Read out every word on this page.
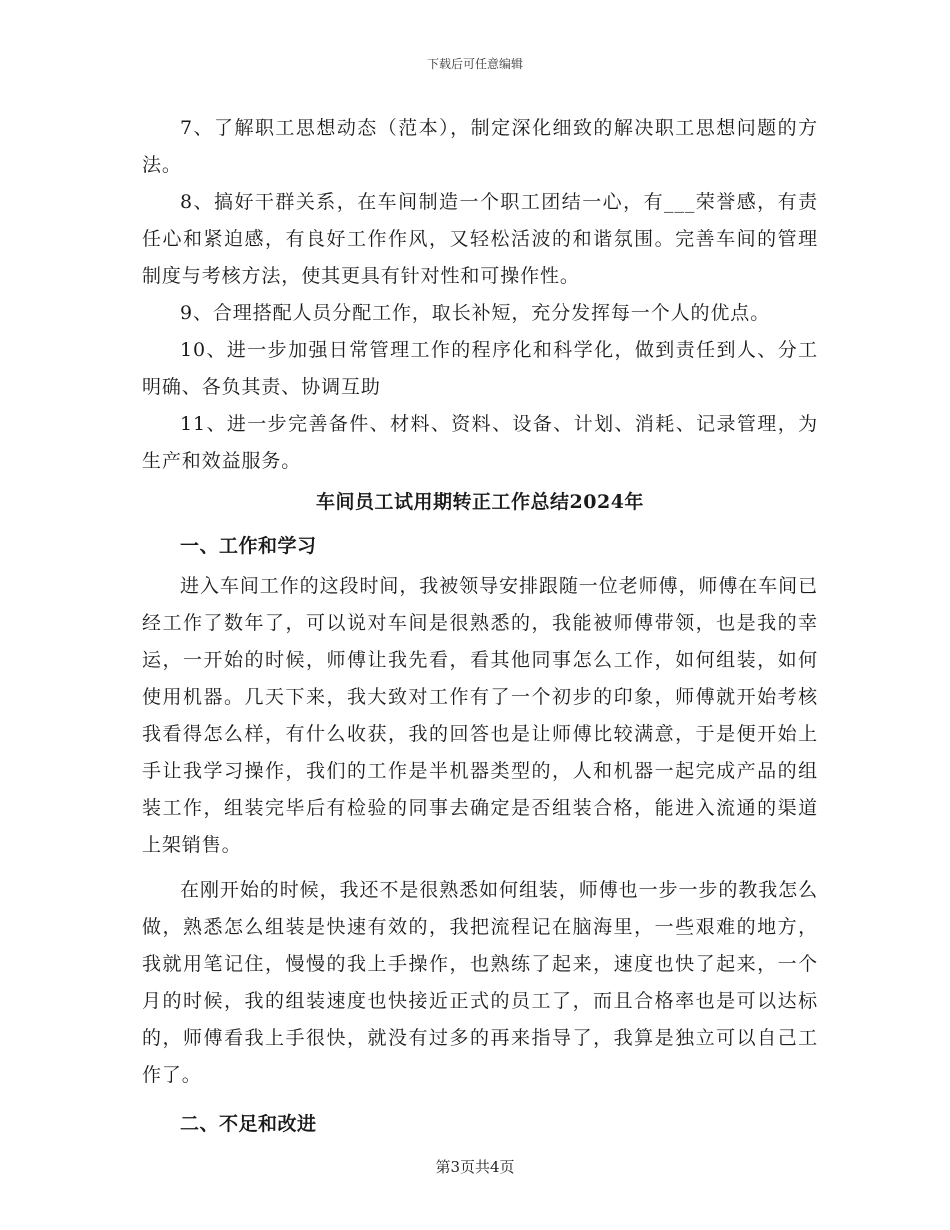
下载后可任意编辑

7、了解职工思想动态（范本），制定深化细致的解决职工思想问题的方法。

8、搞好干群关系，在车间制造一个职工团结一心，有___荣誉感，有责任心和紧迫感，有良好工作作风，又轻松活波的和谐氛围。完善车间的管理制度与考核方法，使其更具有针对性和可操作性。

9、合理搭配人员分配工作，取长补短，充分发挥每一个人的优点。

10、进一步加强日常管理工作的程序化和科学化，做到责任到人、分工明确、各负其责、协调互助

11、进一步完善备件、材料、资料、设备、计划、消耗、记录管理，为生产和效益服务。

车间员工试用期转正工作总结2024年

一、工作和学习

进入车间工作的这段时间，我被领导安排跟随一位老师傅，师傅在车间已经工作了数年了，可以说对车间是很熟悉的，我能被师傅带领，也是我的幸运，一开始的时候，师傅让我先看，看其他同事怎么工作，如何组装，如何使用机器。几天下来，我大致对工作有了一个初步的印象，师傅就开始考核我看得怎么样，有什么收获，我的回答也是让师傅比较满意，于是便开始上手让我学习操作，我们的工作是半机器类型的，人和机器一起完成产品的组装工作，组装完毕后有检验的同事去确定是否组装合格，能进入流通的渠道上架销售。

在刚开始的时候，我还不是很熟悉如何组装，师傅也一步一步的教我怎么做，熟悉怎么组装是快速有效的，我把流程记在脑海里，一些艰难的地方，我就用笔记住，慢慢的我上手操作，也熟练了起来，速度也快了起来，一个月的时候，我的组装速度也快接近正式的员工了，而且合格率也是可以达标的，师傅看我上手很快，就没有过多的再来指导了，我算是独立可以自己工作了。

二、不足和改进

第3页共4页
